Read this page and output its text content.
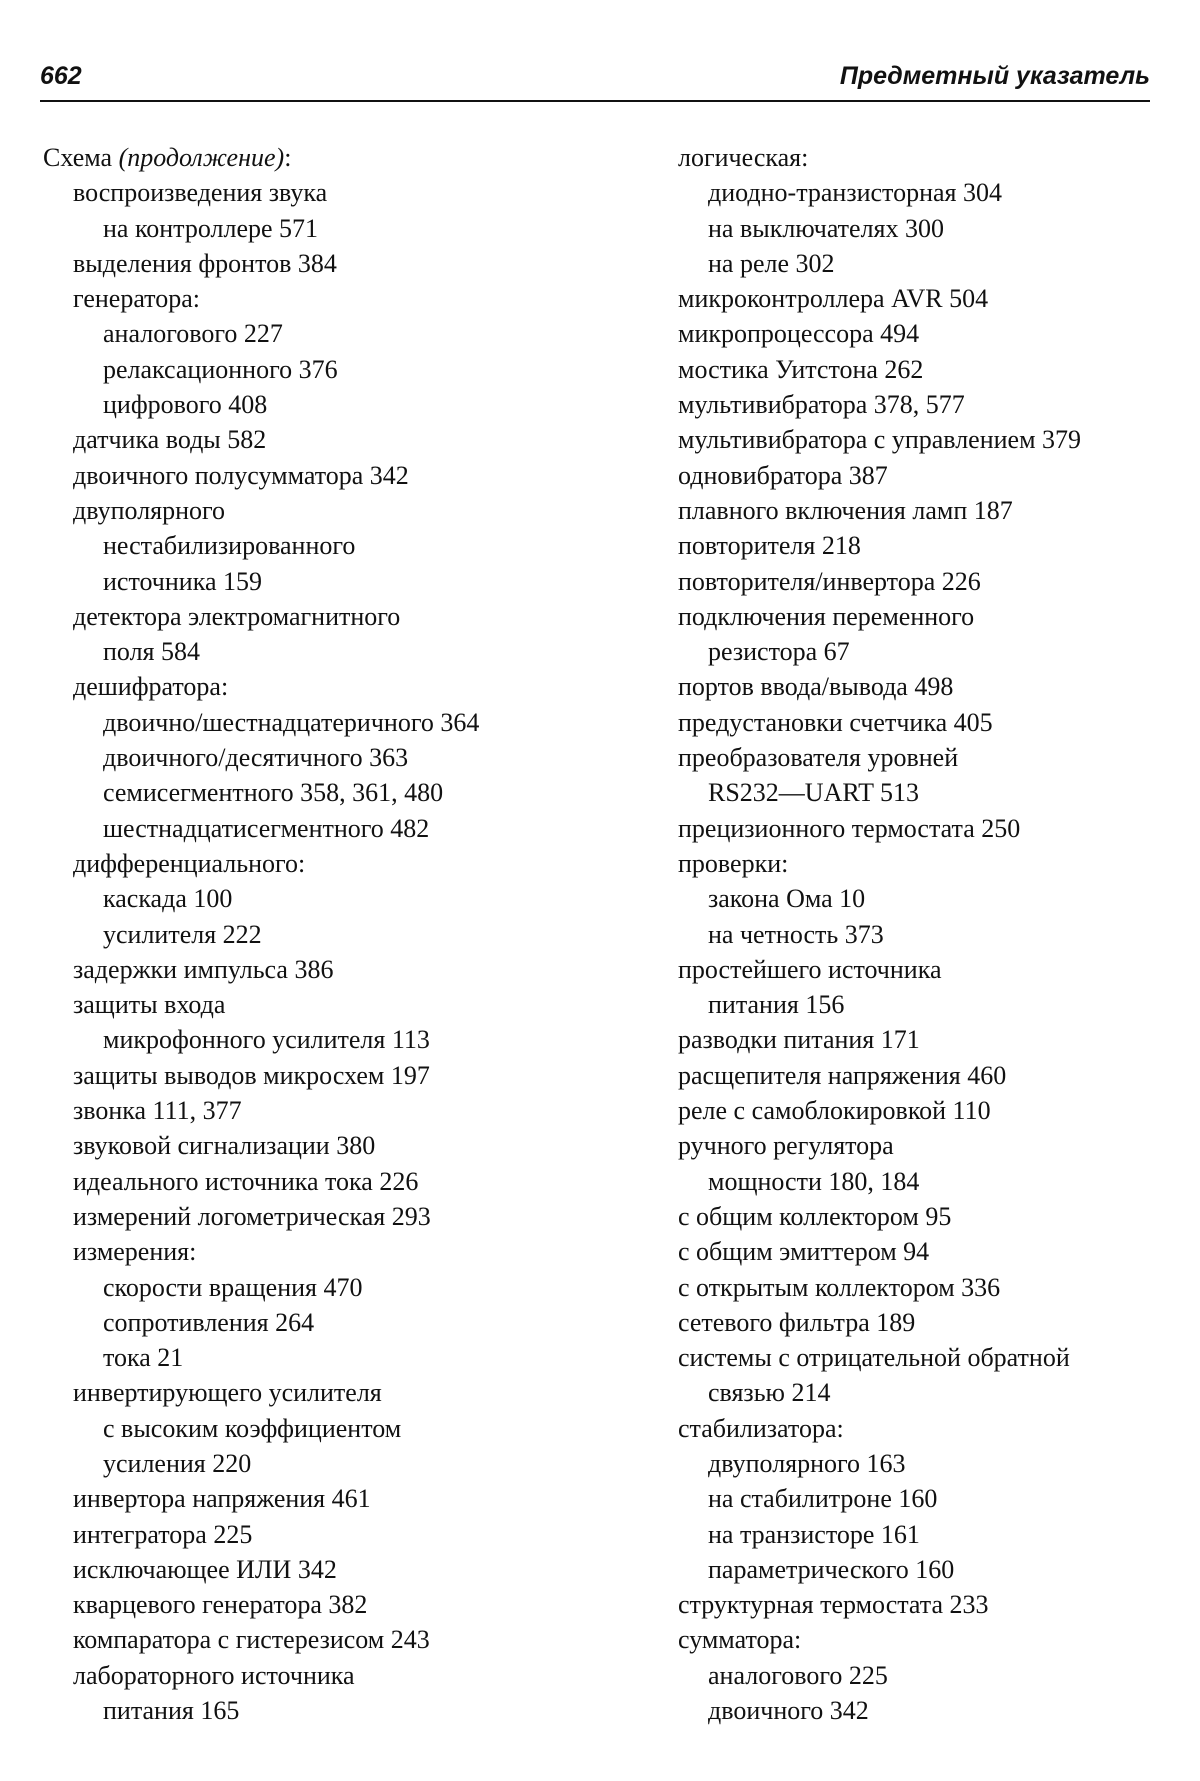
662	Предметный указатель
Схема (продолжение):
воспроизведения звука
на контроллере 571
выделения фронтов 384
генератора:
аналогового 227
релаксационного 376
цифрового 408
датчика воды 582
двоичного полусумматора 342
двуполярного
нестабилизированного
источника 159
детектора электромагнитного
поля 584
дешифратора:
двоично/шестнадцатеричного 364
двоичного/десятичного 363
семисегментного 358, 361, 480
шестнадцатисегментного 482
дифференциального:
каскада 100
усилителя 222
задержки импульса 386
защиты входа
микрофонного усилителя 113
защиты выводов микросхем 197
звонка 111, 377
звуковой сигнализации 380
идеального источника тока 226
измерений логометрическая 293
измерения:
скорости вращения 470
сопротивления 264
тока 21
инвертирующего усилителя
с высоким коэффициентом
усиления 220
инвертора напряжения 461
интегратора 225
исключающее ИЛИ 342
кварцевого генератора 382
компаратора с гистерезисом 243
лабораторного источника
питания 165
логическая:
диодно-транзисторная 304
на выключателях 300
на реле 302
микроконтроллера AVR 504
микропроцессора 494
мостика Уитстона 262
мультивибратора 378, 577
мультивибратора с управлением 379
одновибратора 387
плавного включения ламп 187
повторителя 218
повторителя/инвертора 226
подключения переменного
резистора 67
портов ввода/вывода 498
предустановки счетчика 405
преобразователя уровней
RS232—UART 513
прецизионного термостата 250
проверки:
закона Ома 10
на четность 373
простейшего источника
питания 156
разводки питания 171
расщепителя напряжения 460
реле с самоблокировкой 110
ручного регулятора
мощности 180, 184
с общим коллектором 95
с общим эмиттером 94
с открытым коллектором 336
сетевого фильтра 189
системы с отрицательной обратной
связью 214
стабилизатора:
двуполярного 163
на стабилитроне 160
на транзисторе 161
параметрического 160
структурная термостата 233
сумматора:
аналогового 225
двоичного 342
